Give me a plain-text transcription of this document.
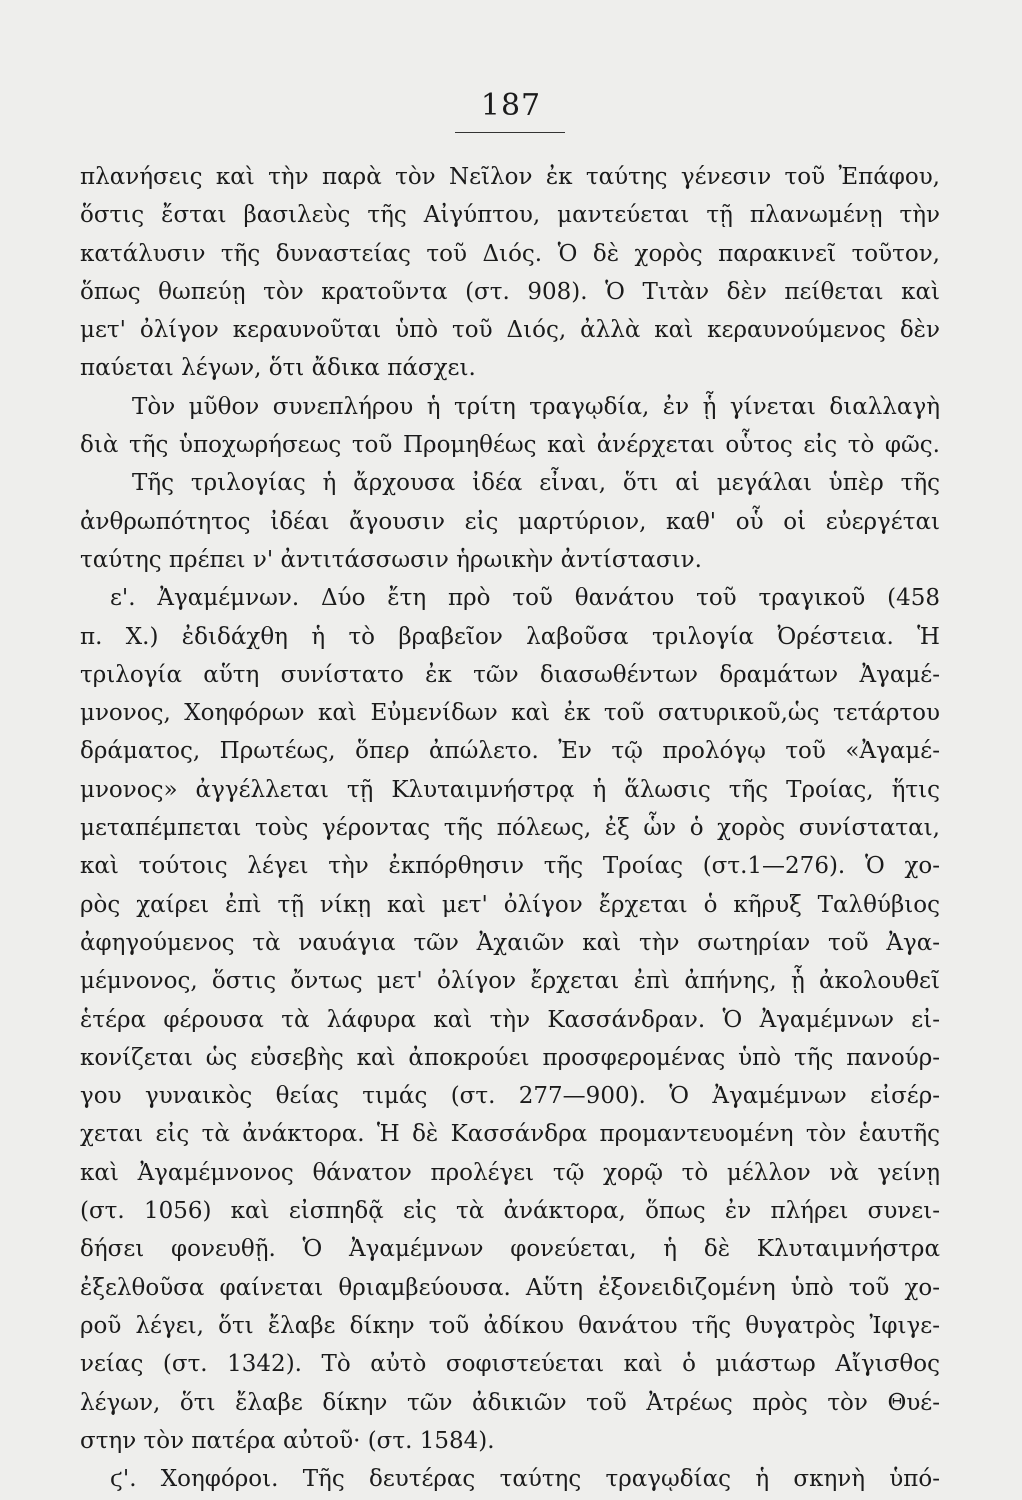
187
πλανήσεις καὶ τὴν παρὰ τὸν Νεῖλον ἐκ ταύτης γένεσιν τοῦ Ἐπάφου,
ὅστις ἔσται βασιλεὺς τῆς Αἰγύπτου, μαντεύεται τῇ πλανωμένῃ τὴν
κατάλυσιν τῆς δυναστείας τοῦ Διός. Ὁ δὲ χορὸς παρακινεῖ τοῦτον,
ὅπως θωπεύῃ τὸν κρατοῦντα (στ. 908). Ὁ Τιτὰν δὲν πείθεται καὶ
μετ' ὀλίγον κεραυνοῦται ὑπὸ τοῦ Διός, ἀλλὰ καὶ κεραυνούμενος δὲν
παύεται λέγων, ὅτι ἄδικα πάσχει.
Τὸν μῦθον συνεπλήρου ἡ τρίτη τραγῳδία, ἐν ᾗ γίνεται διαλλαγὴ
διὰ τῆς ὑποχωρήσεως τοῦ Προμηθέως καὶ ἀνέρχεται οὗτος εἰς τὸ φῶς.
Τῆς τριλογίας ἡ ἄρχουσα ἰδέα εἶναι, ὅτι αἱ μεγάλαι ὑπὲρ τῆς
ἀνθρωπότητος ἰδέαι ἄγουσιν εἰς μαρτύριον, καθ' οὗ οἱ εὐεργέται
ταύτης πρέπει ν' ἀντιτάσσωσιν ἡρωικὴν ἀντίστασιν.
ε'. Ἀγαμέμνων. Δύο ἔτη πρὸ τοῦ θανάτου τοῦ τραγικοῦ (458
π. Χ.) ἐδιδάχθη ἡ τὸ βραβεῖον λαβοῦσα τριλογία Ὀρέστεια. Ἡ
τριλογία αὕτη συνίστατο ἐκ τῶν διασωθέντων δραμάτων Ἀγαμέ-
μνονος, Χοηφόρων καὶ Εὐμενίδων καὶ ἐκ τοῦ σατυρικοῦ,ὡς τετάρτου
δράματος, Πρωτέως, ὅπερ ἀπώλετο. Ἐν τῷ προλόγῳ τοῦ «Ἀγαμέ-
μνονος» ἀγγέλλεται τῇ Κλυταιμνήστρᾳ ἡ ἅλωσις τῆς Τροίας, ἥτις
μεταπέμπεται τοὺς γέροντας τῆς πόλεως, ἐξ ὧν ὁ χορὸς συνίσταται,
καὶ τούτοις λέγει τὴν ἐκπόρθησιν τῆς Τροίας (στ.1—276). Ὁ χο-
ρὸς χαίρει ἐπὶ τῇ νίκῃ καὶ μετ' ὀλίγον ἔρχεται ὁ κῆρυξ Ταλθύβιος
ἀφηγούμενος τὰ ναυάγια τῶν Ἀχαιῶν καὶ τὴν σωτηρίαν τοῦ Ἀγα-
μέμνονος, ὅστις ὄντως μετ' ὀλίγον ἔρχεται ἐπὶ ἀπήνης, ᾗ ἀκολουθεῖ
ἑτέρα φέρουσα τὰ λάφυρα καὶ τὴν Κασσάνδραν. Ὁ Ἀγαμέμνων εἰ-
κονίζεται ὡς εὐσεβὴς καὶ ἀποκρούει προσφερομένας ὑπὸ τῆς πανούρ-
γου γυναικὸς θείας τιμάς (στ. 277—900). Ὁ Ἀγαμέμνων εἰσέρ-
χεται εἰς τὰ ἀνάκτορα. Ἡ δὲ Κασσάνδρα προμαντευομένη τὸν ἑαυτῆς
καὶ Ἀγαμέμνονος θάνατον προλέγει τῷ χορῷ τὸ μέλλον νὰ γείνῃ
(στ. 1056) καὶ εἰσπηδᾷ εἰς τὰ ἀνάκτορα, ὅπως ἐν πλήρει συνει-
δήσει φονευθῇ. Ὁ Ἀγαμέμνων φονεύεται, ἡ δὲ Κλυταιμνήστρα
ἐξελθοῦσα φαίνεται θριαμβεύουσα. Αὕτη ἐξονειδιζομένη ὑπὸ τοῦ χο-
ροῦ λέγει, ὅτι ἔλαβε δίκην τοῦ ἀδίκου θανάτου τῆς θυγατρὸς Ἰφιγε-
νείας (στ. 1342). Τὸ αὐτὸ σοφιστεύεται καὶ ὁ μιάστωρ Αἴγισθος
λέγων, ὅτι ἔλαβε δίκην τῶν ἀδικιῶν τοῦ Ἀτρέως πρὸς τὸν Θυέ-
στην τὸν πατέρα αὐτοῦ· (στ. 1584).
ϛ'. Χοηφόροι. Τῆς δευτέρας ταύτης τραγῳδίας ἡ σκηνὴ ὑπό-
